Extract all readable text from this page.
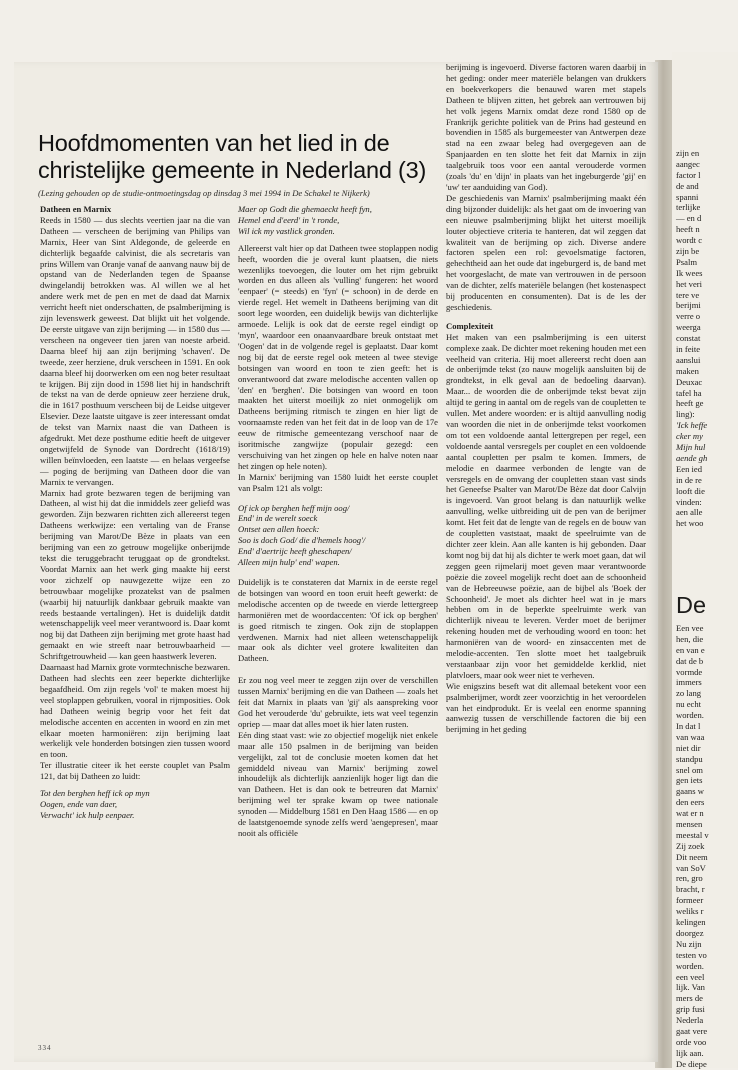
Hoofdmomenten van het lied in de christelijke gemeente in Nederland (3)
(Lezing gehouden op de studie-ontmoetingsdag op dinsdag 3 mei 1994 in De Schakel te Nijkerk)

Datheen en Marnix

Reeds in 1580 — dus slechts veertien jaar na die van Datheen — verscheen de berijming van Philips van Marnix, Heer van Sint Aldegonde, de geleerde en dichterlijk begaafde calvinist, die als secretaris van prins Willem van Oranje vanaf de aanvang nauw bij de opstand van de Nederlanden tegen de Spaanse dwingelandij betrokken was. Al willen we al het andere werk met de pen en met de daad dat Marnix verricht heeft niet onderschatten, de psalmberijming is zijn levenswerk geweest. Dat blijkt uit het volgende. De eerste uitgave van zijn berijming — in 1580 dus — verscheen na ongeveer tien jaren van noeste arbeid. Daarna bleef hij aan zijn berijming 'schaven'. De tweede, zeer herziene, druk verscheen in 1591. En ook daarna bleef hij doorwerken om een nog beter resultaat te krijgen. Bij zijn dood in 1598 liet hij in handschrift de tekst na van de derde opnieuw zeer herziene druk, die in 1617 posthuum verscheen bij de Leidse uitgever Elsevier. Deze laatste uitgave is zeer interessant omdat de tekst van Marnix naast die van Datheen is afgedrukt. Met deze posthume editie heeft de uitgever ongetwijfeld de Synode van Dordrecht (1618/19) willen beïnvloeden, een laatste — en helaas vergeefse — poging de berijming van Datheen door die van Marnix te vervangen.

Marnix had grote bezwaren tegen de berijming van Datheen, al wist hij dat die inmiddels zeer geliefd was geworden. Zijn bezwaren richtten zich allereerst tegen Datheens werkwijze: een vertaling van de Franse berijming van Marot/De Bèze in plaats van een berijming van een zo getrouw mogelijke onberijmde tekst die teruggebracht teruggaat op de grondtekst. Voordat Marnix aan het werk ging maakte hij eerst voor zichzelf op nauwgezette wijze een zo betrouwbaar mogelijke prozatekst van de psalmen (waarbij hij natuurlijk dankbaar gebruik maakte van reeds bestaande vertalingen). Het is duidelijk datdit wetenschappelijk veel meer verantwoord is. Daar komt nog bij dat Datheen zijn berijming met grote haast had gemaakt en wie streeft naar betrouwbaarheid — Schriftgetrouwheid — kan geen haastwerk leveren.

Daarnaast had Marnix grote vormtechnische bezwaren. Datheen had slechts een zeer beperkte dichterlijke begaafdheid. Om zijn regels 'vol' te maken moest hij veel stoplappen gebruiken, vooral in rijmposities. Ook had Datheen weinig begrip voor het feit dat melodische accenten en accenten in woord en zin met elkaar moeten harmoniëren: zijn berijming laat werkelijk vele honderden botsingen zien tussen woord en toon.

Ter illustratie citeer ik het eerste couplet van Psalm 121, dat bij Datheen zo luidt:

Tot den berghen heff ick op myn
Oogen, ende van daer,
Verwacht' ick hulp eenpaer.
Maer op Godt die ghemaeckt heeft fyn,
Hemel end d'eerd' in 't ronde,
Wil ick my vastlick gronden.

Allereerst valt hier op dat Datheen twee stoplappen nodig heeft, woorden die je overal kunt plaatsen, die niets wezenlijks toevoegen, die louter om het rijm gebruikt worden en dus alleen als 'vulling' fungeren: het woord 'eenpaer' (= steeds) en 'fyn' (= schoon) in de derde en vierde regel. Het wemelt in Datheens berijming van dit soort lege woorden, een duidelijk bewijs van dichterlijke armoede. Lelijk is ook dat de eerste regel eindigt op 'myn', waardoor een onaanvaardbare breuk ontstaat met 'Oogen' dat in de volgende regel is geplaatst. Daar komt nog bij dat de eerste regel ook meteen al twee stevige botsingen van woord en toon te zien geeft: het is onverantwoord dat zware melodische accenten vallen op 'den' en 'berghen'. Die botsingen van woord en toon maakten het uiterst moeilijk zo niet onmogelijk om Datheens berijming ritmisch te zingen en hier ligt de voornaamste reden van het feit dat in de loop van de 17e eeuw de ritmische gemeentezang verschoof naar de isoritmische zangwijze (populair gezegd: een verschuiving van het zingen op hele en halve noten naar het zingen op hele noten).

In Marnix' berijming van 1580 luidt het eerste couplet van Psalm 121 als volgt:

Of ick op berghen heff mijn oog/
End' in de werelt soeck
Ontset aen allen hoeck:
Soo is doch God/ die d'hemels hoog'/
End' d'aertrijc heeft gheschapen/
Alleen mijn hulp' end' wapen.

Duidelijk is te constateren dat Marnix in de eerste regel de botsingen van woord en toon eruit heeft gewerkt: de melodische accenten op de tweede en vierde lettergreep harmoniëren met de woordaccenten: 'Of ick op berghen' is goed ritmisch te zingen. Ook zijn de stoplappen verdwenen. Marnix had niet alleen wetenschappelijk maar ook als dichter veel grotere kwaliteiten dan Datheen.

Er zou nog veel meer te zeggen zijn over de verschillen tussen Marnix' berijming en die van Datheen — zoals het feit dat Marnix in plaats van 'gij' als aanspreking voor God het verouderde 'du' gebruikte, iets wat veel tegenzin opriep — maar dat alles moet ik hier laten rusten.

Eén ding staat vast: wie zo objectief mogelijk niet enkele maar alle 150 psalmen in de berijming van beiden vergelijkt, zal tot de conclusie moeten komen dat het gemiddeld niveau van Marnix' berijming zowel inhoudelijk als dichterlijk aanzienlijk hoger ligt dan die van Datheen. Het is dan ook te betreuren dat Marnix' berijming wel ter sprake kwam op twee nationale synoden — Middelburg 1581 en Den Haag 1586 — en op de laatstgenoemde synode zelfs werd 'aengepresen', maar nooit als officiële

berijming is ingevoerd. Diverse factoren waren daarbij in het geding: onder meer materiële belangen van drukkers en boekverkopers die benauwd waren met stapels Datheen te blijven zitten, het gebrek aan vertrouwen bij het volk jegens Marnix omdat deze rond 1580 op de Frankrijk gerichte politiek van de Prins had gesteund en bovendien in 1585 als burgemeester van Antwerpen deze stad na een zwaar beleg had overgegeven aan de Spanjaarden en ten slotte het feit dat Marnix in zijn taalgebruik toos voor een aantal verouderde vormen (zoals 'du' en 'dijn' in plaats van het ingeburgerde 'gij' en 'uw' ter aanduiding van God).

De geschiedenis van Marnix' psalmberijming maakt één ding bijzonder duidelijk: als het gaat om de invoering van een nieuwe psalmberijming blijkt het uiterst moeilijk louter objectieve criteria te hanteren, dat wil zeggen dat kwaliteit van de berijming op zich. Diverse andere factoren spelen een rol: gevoelsmatige factoren, gehechtheid aan het oude dat ingeburgerd is, de band met het voorgeslacht, de mate van vertrouwen in de persoon van de dichter, zelfs materiële belangen (het kostenaspect bij producenten en consumenten). Dat is de les der geschiedenis.

Complexiteit

Het maken van een psalmberijming is een uiterst complexe zaak. De dichter moet rekening houden met een veelheid van criteria. Hij moet allereerst recht doen aan de onberijmde tekst (zo nauw mogelijk aansluiten bij de grondtekst, in elk geval aan de bedoeling daarvan). Maar... de woorden die de onberijmde tekst bevat zijn altijd te gering in aantal om de regels van de coupletten te vullen. Met andere woorden: er is altijd aanvulling nodig van woorden die niet in de onberijmde tekst voorkomen om tot een voldoende aantal lettergrepen per regel, een voldoende aantal versregels per couplet en een voldoende aantal coupletten per psalm te komen. Immers, de melodie en daarmee verbonden de lengte van de versregels en de omvang der coupletten staan vast sinds het Geneefse Psalter van Marot/De Bèze dat door Calvijn is ingevoerd. Van groot belang is dan natuurlijk welke aanvulling, welke uitbreiding uit de pen van de berijmer komt. Het feit dat de lengte van de regels en de bouw van de coupletten vaststaat, maakt de speelruimte van de dichter zeer klein. Aan alle kanten is hij gebonden. Daar komt nog bij dat hij als dichter te werk moet gaan, dat wil zeggen geen rijmelarij moet geven maar verantwoorde poëzie die zoveel mogelijk recht doet aan de schoonheid van de Hebreeuwse poëzie, aan de bijbel als 'Boek der Schoonheid'. Je moet als dichter heel wat in je mars hebben om in de beperkte speelruimte werk van dichterlijk niveau te leveren. Verder moet de berijmer rekening houden met de verhouding woord en toon: het harmoniëren van de woord- en zinsaccenten met de melodie-accenten. Ten slotte moet het taalgebruik verstaanbaar zijn voor het gemiddelde kerklid, niet platvloers, maar ook weer niet te verheven.

Wie enigszins beseft wat dit allemaal betekent voor een psalmberijmer, wordt zeer voorzichtig in het veroordelen van het eindprodukt. Er is veelal een enorme spanning aanwezig tussen de verschillende factoren die bij een berijming in het geding

334
zijn en
aangec
factor l
de and
spanni
terlijke
— en d
heeft n
wordt c
zijn be
Psalm
Ik wees
het veri
tere ve
berijmi
verre o
weerga
constat
in feite
aanslui
maken
Deuxac
tafel ha
heeft ge
ling):
'Ick heffe
cker my
Mijn hul
aende gh
Een ied
in de re
looft die
vinden:
aen alle
het woo
De
Een vee
hen, die
en van e
dat de b
vormde
immers
zo lang
nu echt
worden.
In dat l
van waa
niet dir
standpu
snel om
gen iets
gaans w
den eers
wat er n
mensen
meestal v
Zij zoek
Dit neem
van SoV
ren, gro
bracht, r
formeer
weliks r
kelingen
doorgez
Nu zijn
testen vo
worden.
een veel
lijk. Van
mers de
grip fusi
Nederla
gaat vere
orde voo
lijk aan.
De diepe
